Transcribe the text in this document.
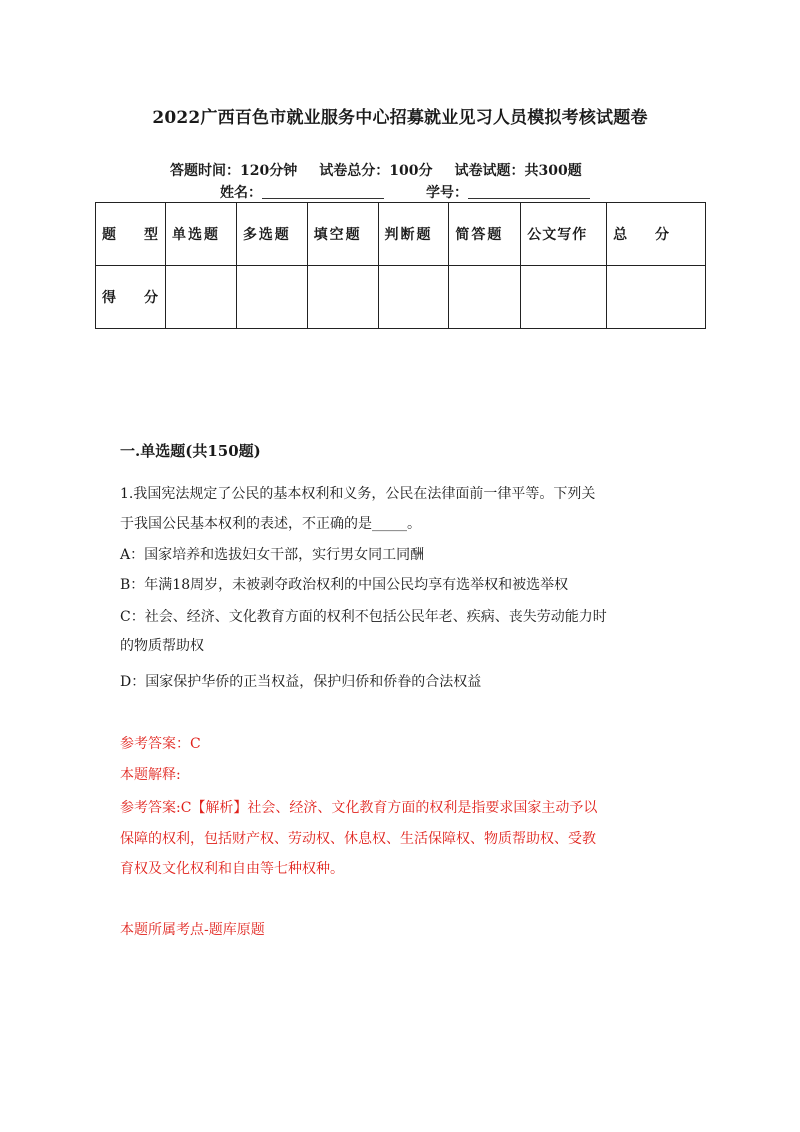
2022广西百色市就业服务中心招募就业见习人员模拟考核试题卷
答题时间：120分钟 试卷总分：100分 试卷试题：共300题
姓名：	学号：
题　　型	单选题	多选题	填空题	判断题	简答题	公文写作	总　　分
得　　分							
一.单选题(共150题)
1.我国宪法规定了公民的基本权利和义务，公民在法律面前一律平等。下列关
于我国公民基本权利的表述，不正确的是_____。
A：国家培养和选拔妇女干部，实行男女同工同酬
B：年满18周岁，未被剥夺政治权利的中国公民均享有选举权和被选举权
C：社会、经济、文化教育方面的权利不包括公民年老、疾病、丧失劳动能力时
的物质帮助权
D：国家保护华侨的正当权益，保护归侨和侨眷的合法权益
参考答案：C
本题解释:
参考答案:C【解析】社会、经济、文化教育方面的权利是指要求国家主动予以
保障的权利，包括财产权、劳动权、休息权、生活保障权、物质帮助权、受教
育权及文化权利和自由等七种权种。
本题所属考点-题库原题
